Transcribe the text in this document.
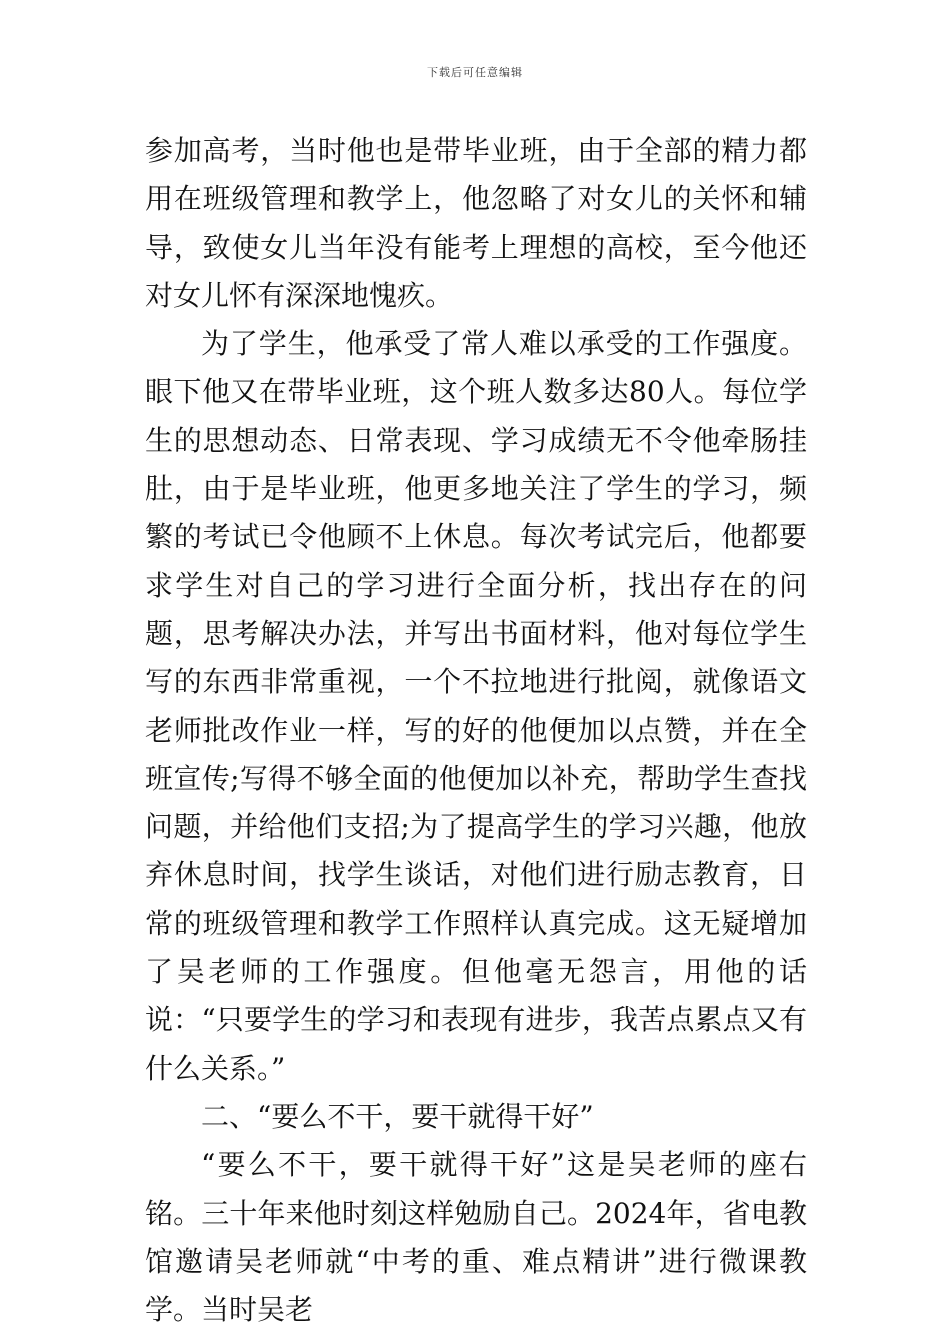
下载后可任意编辑

参加高考，当时他也是带毕业班，由于全部的精力都用在班级管理和教学上，他忽略了对女儿的关怀和辅导，致使女儿当年没有能考上理想的高校，至今他还对女儿怀有深深地愧疚。

为了学生，他承受了常人难以承受的工作强度。眼下他又在带毕业班，这个班人数多达80人。每位学生的思想动态、日常表现、学习成绩无不令他牵肠挂肚，由于是毕业班，他更多地关注了学生的学习，频繁的考试已令他顾不上休息。每次考试完后，他都要求学生对自己的学习进行全面分析，找出存在的问题，思考解决办法，并写出书面材料，他对每位学生写的东西非常重视，一个不拉地进行批阅，就像语文老师批改作业一样，写的好的他便加以点赞，并在全班宣传;写得不够全面的他便加以补充，帮助学生查找问题，并给他们支招;为了提高学生的学习兴趣，他放弃休息时间，找学生谈话，对他们进行励志教育，日常的班级管理和教学工作照样认真完成。这无疑增加了吴老师的工作强度。但他毫无怨言，用他的话说：“只要学生的学习和表现有进步，我苦点累点又有什么关系。”

二、“要么不干，要干就得干好”

“要么不干，要干就得干好”这是吴老师的座右铭。三十年来他时刻这样勉励自己。2024年，省电教馆邀请吴老师就“中考的重、难点精讲”进行微课教学。当时吴老
